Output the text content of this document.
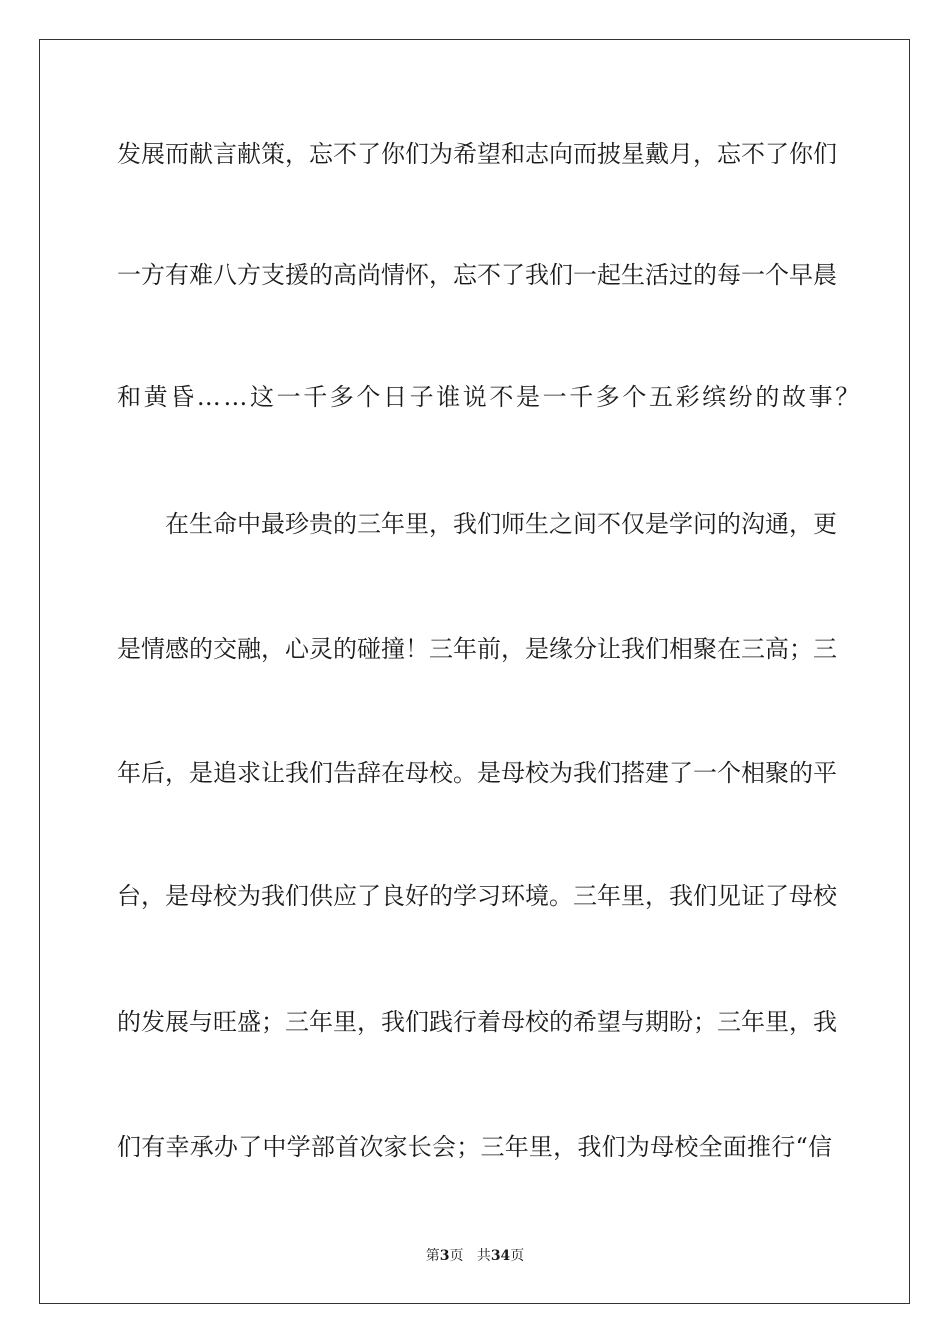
发展而献言献策，忘不了你们为希望和志向而披星戴月，忘不了你们
一方有难八方支援的高尚情怀，忘不了我们一起生活过的每一个早晨
和黄昏……这一千多个日子谁说不是一千多个五彩缤纷的故事？
在生命中最珍贵的三年里，我们师生之间不仅是学问的沟通，更
是情感的交融，心灵的碰撞！三年前，是缘分让我们相聚在三高；三
年后，是追求让我们告辞在母校。是母校为我们搭建了一个相聚的平
台，是母校为我们供应了良好的学习环境。三年里，我们见证了母校
的发展与旺盛；三年里，我们践行着母校的希望与期盼；三年里，我
们有幸承办了中学部首次家长会；三年里，我们为母校全面推行“信
第3页 共34页
